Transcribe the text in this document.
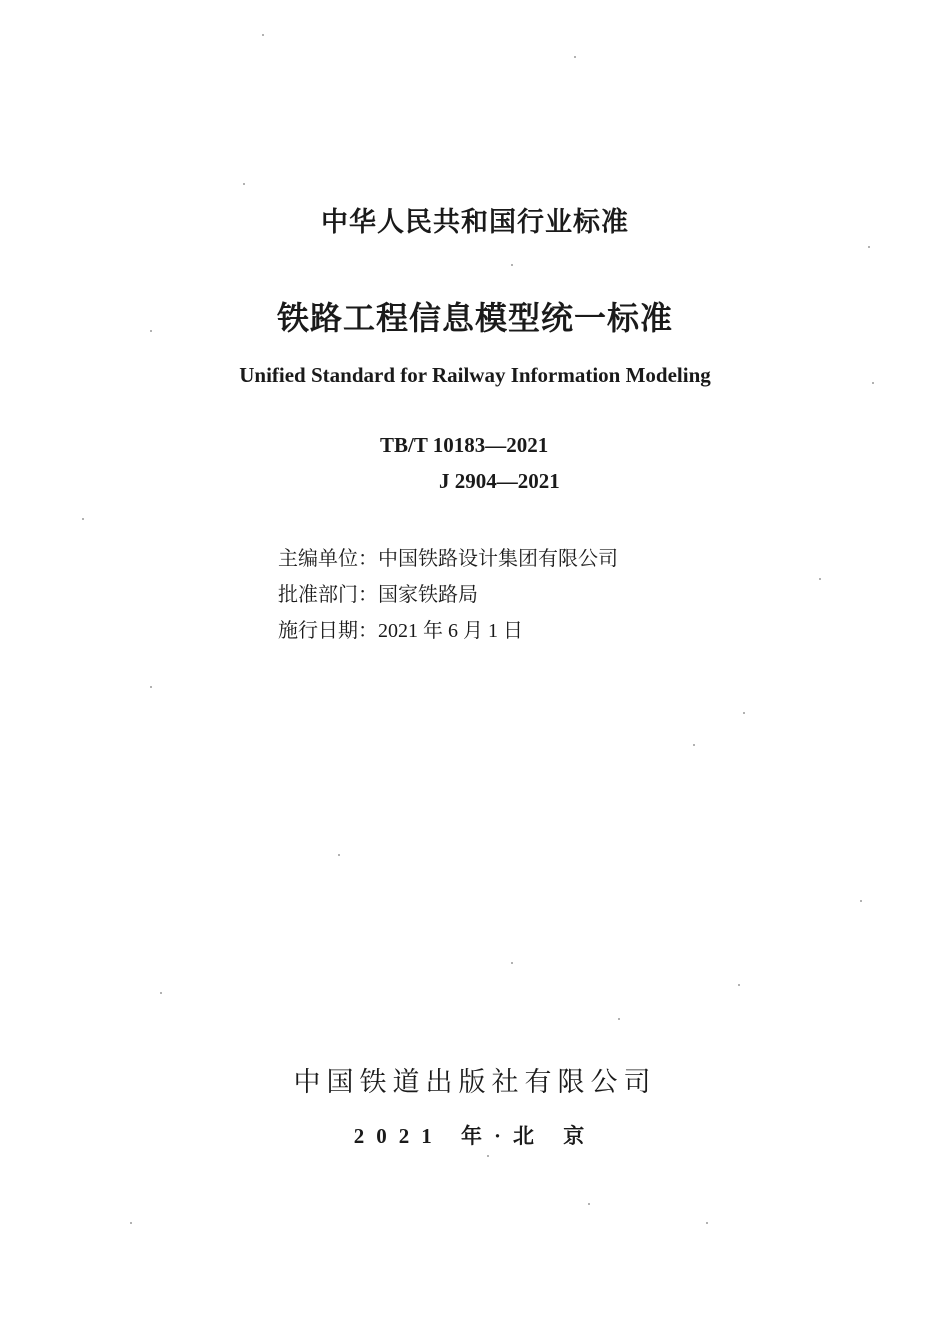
中华人民共和国行业标准
铁路工程信息模型统一标准
Unified Standard for Railway Information Modeling
TB/T 10183—2021
J 2904—2021
主编单位：中国铁路设计集团有限公司
批准部门：国家铁路局
施行日期：2021 年 6 月 1 日
中国铁道出版社有限公司
2021 年·北 京
